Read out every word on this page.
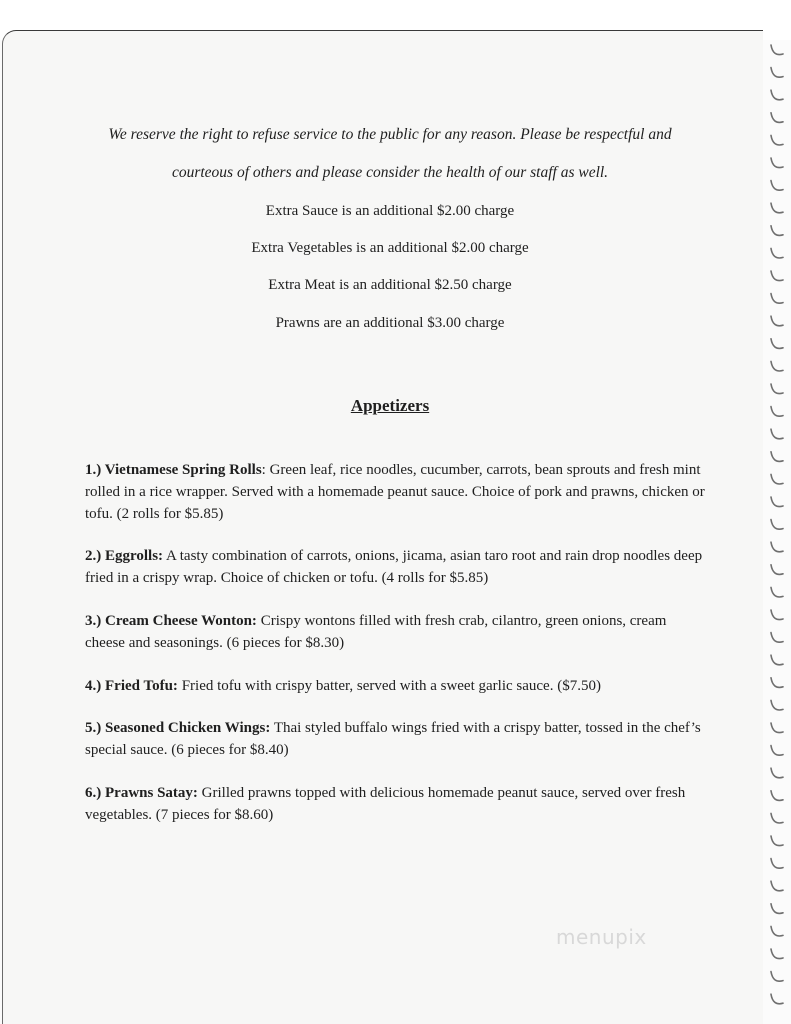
We reserve the right to refuse service to the public for any reason. Please be respectful and

courteous of others and please consider the health of our staff as well.

Extra Sauce is an additional $2.00 charge

Extra Vegetables is an additional $2.00 charge

Extra Meat is an additional $2.50 charge

Prawns are an additional $3.00 charge

Appetizers

1.) Vietnamese Spring Rolls: Green leaf, rice noodles, cucumber, carrots, bean sprouts and fresh mint rolled in a rice wrapper. Served with a homemade peanut sauce. Choice of pork and prawns, chicken or tofu. (2 rolls for $5.85)

2.) Eggrolls: A tasty combination of carrots, onions, jicama, asian taro root and rain drop noodles deep fried in a crispy wrap. Choice of chicken or tofu. (4 rolls for $5.85)

3.) Cream Cheese Wonton: Crispy wontons filled with fresh crab, cilantro, green onions, cream cheese and seasonings. (6 pieces for $8.30)

4.) Fried Tofu: Fried tofu with crispy batter, served with a sweet garlic sauce. ($7.50)

5.) Seasoned Chicken Wings: Thai styled buffalo wings fried with a crispy batter, tossed in the chef’s special sauce. (6 pieces for $8.40)

6.) Prawns Satay: Grilled prawns topped with delicious homemade peanut sauce, served over fresh vegetables. (7 pieces for $8.60)

menupix
